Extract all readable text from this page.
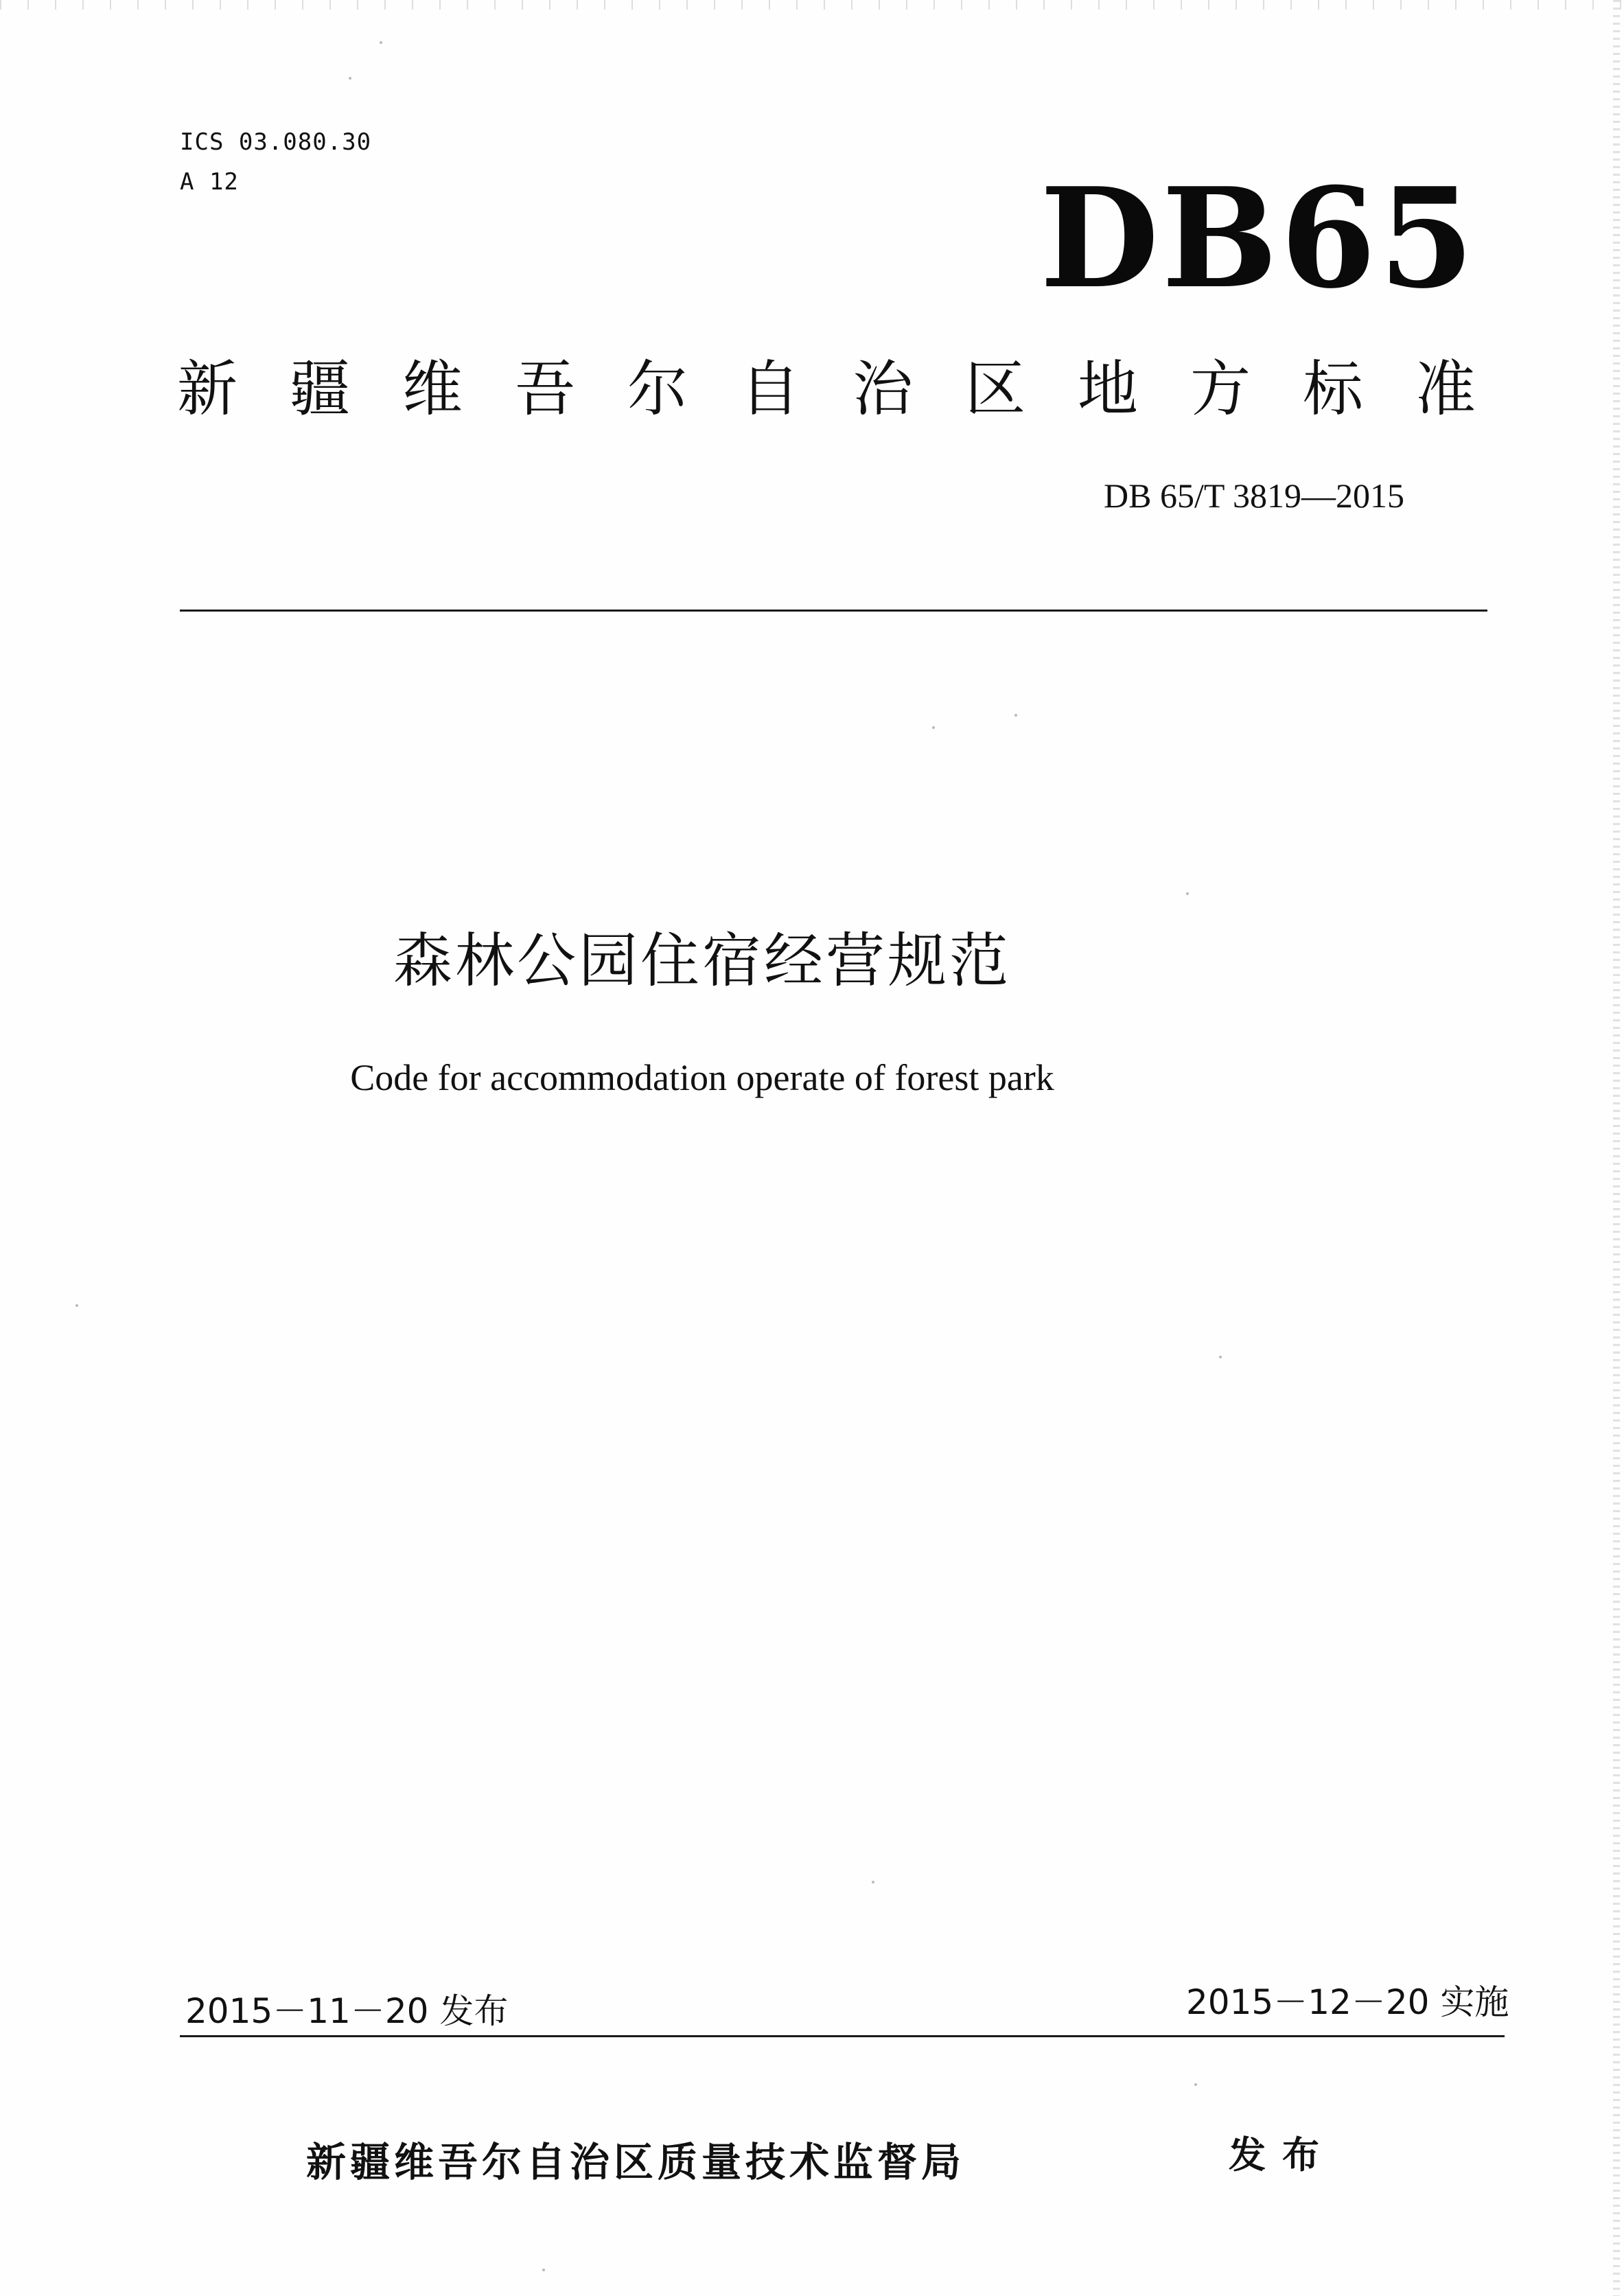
ICS 03.080.30
A 12	DB65
新疆维吾尔自治区地方标准
DB 65/T 3819—2015
森林公园住宿经营规范
Code for accommodation operate of forest park
2015－11－20 发布	2015－12－20 实施
新疆维吾尔自治区质量技术监督局	发布
